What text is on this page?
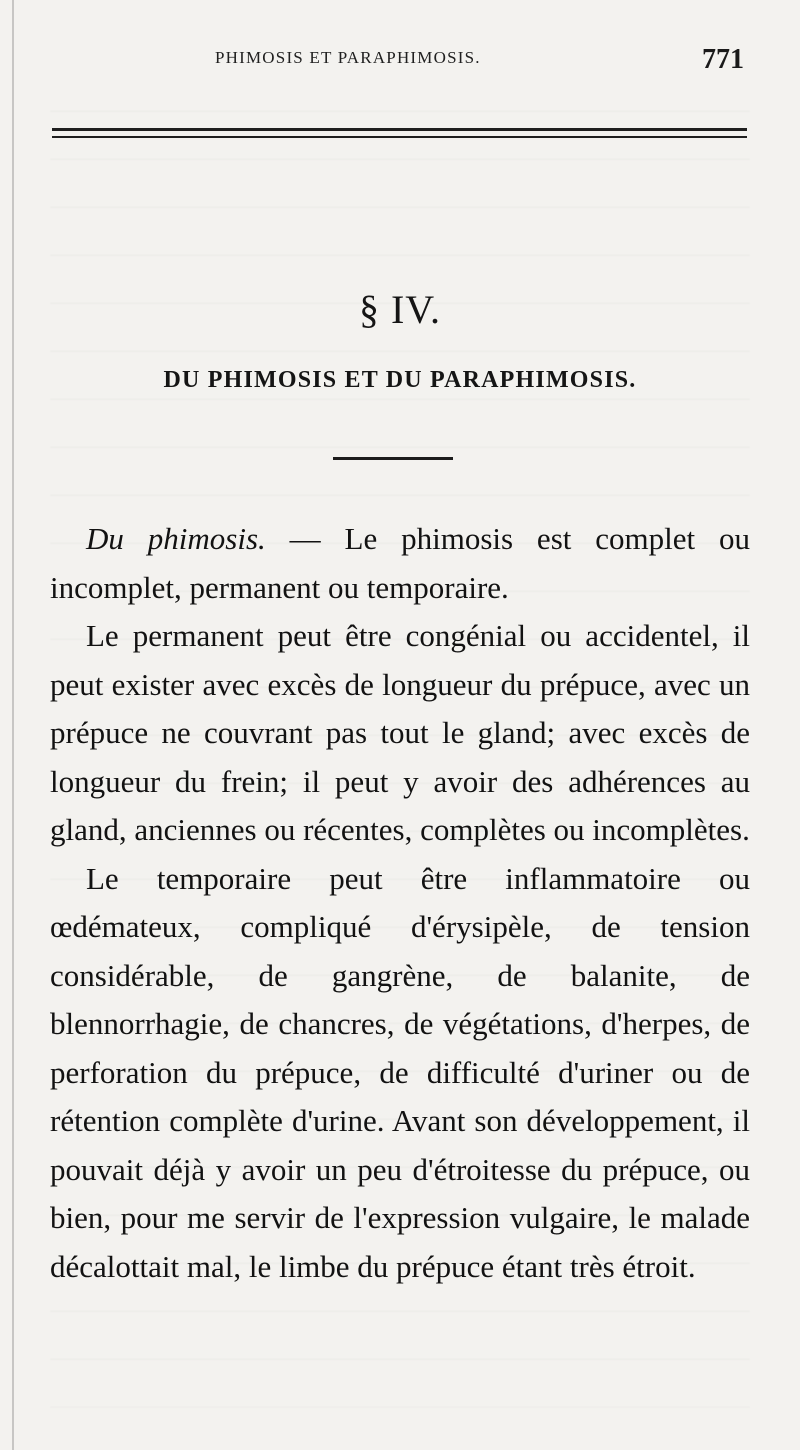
PHIMOSIS ET PARAPHIMOSIS.	771
§ IV.
DU PHIMOSIS ET DU PARAPHIMOSIS.

Du phimosis. — Le phimosis est complet ou incomplet, permanent ou temporaire.

Le permanent peut être congénial ou accidentel, il peut exister avec excès de longueur du prépuce, avec un prépuce ne couvrant pas tout le gland; avec excès de longueur du frein; il peut y avoir des adhérences au gland, anciennes ou récentes, complètes ou incomplètes.

Le temporaire peut être inflammatoire ou œdémateux, compliqué d'érysipèle, de tension considérable, de gangrène, de balanite, de blennorrhagie, de chancres, de végétations, d'herpes, de perforation du prépuce, de difficulté d'uriner ou de rétention complète d'urine. Avant son développement, il pouvait déjà y avoir un peu d'étroitesse du prépuce, ou bien, pour me servir de l'expression vulgaire, le malade décalottait mal, le limbe du prépuce étant très étroit.
